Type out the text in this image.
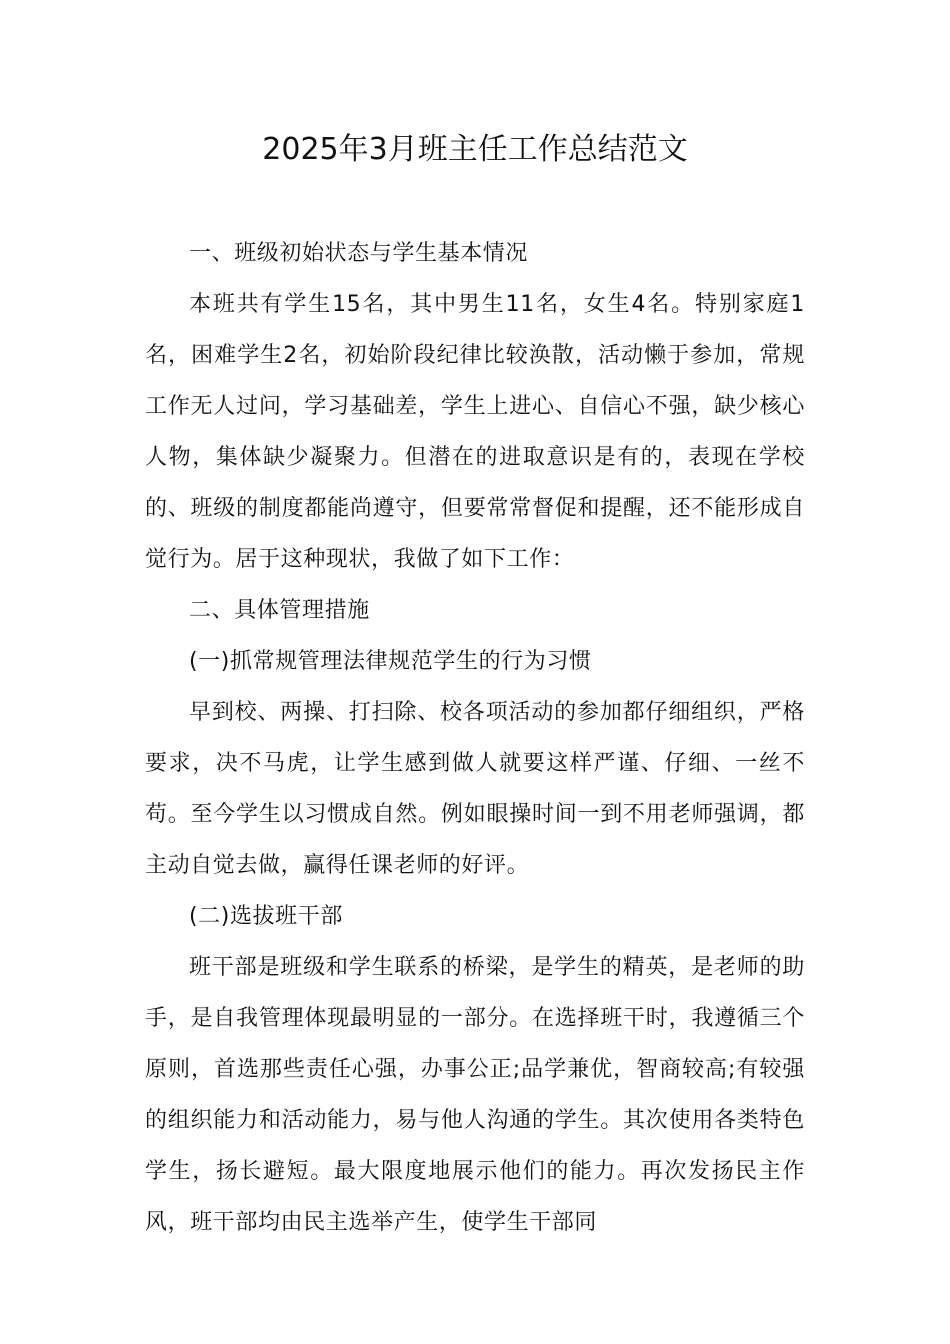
2025年3月班主任工作总结范文

一、班级初始状态与学生基本情况

本班共有学生15名，其中男生11名，女生4名。特别家庭1名，困难学生2名，初始阶段纪律比较涣散，活动懒于参加，常规工作无人过问，学习基础差，学生上进心、自信心不强，缺少核心人物，集体缺少凝聚力。但潜在的进取意识是有的，表现在学校的、班级的制度都能尚遵守，但要常常督促和提醒，还不能形成自觉行为。居于这种现状，我做了如下工作：

二、具体管理措施

(一)抓常规管理法律规范学生的行为习惯

早到校、两操、打扫除、校各项活动的参加都仔细组织，严格要求，决不马虎，让学生感到做人就要这样严谨、仔细、一丝不苟。至今学生以习惯成自然。例如眼操时间一到不用老师强调，都主动自觉去做，赢得任课老师的好评。

(二)选拔班干部

班干部是班级和学生联系的桥梁，是学生的精英，是老师的助手，是自我管理体现最明显的一部分。在选择班干时，我遵循三个原则，首选那些责任心强，办事公正;品学兼优，智商较高;有较强的组织能力和活动能力，易与他人沟通的学生。其次使用各类特色学生，扬长避短。最大限度地展示他们的能力。再次发扬民主作风，班干部均由民主选举产生，使学生干部同
